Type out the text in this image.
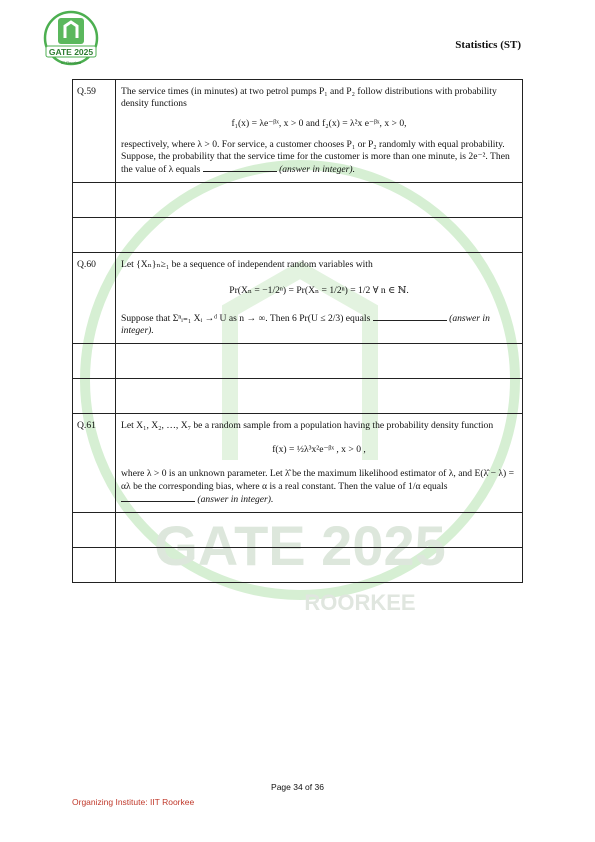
GATE 2025
ROORKEE
GATE 2025
IIT Roorkee
Statistics (ST)
Q.59	The service times (in minutes) at two petrol pumps P₁ and P₂ follow distributions with probability density functions
f₁(x) = λe⁻ᵝˣ, x > 0 and f₂(x) = λ²x e⁻ᵝˣ, x > 0,
respectively, where λ > 0. For service, a customer chooses P₁ or P₂ randomly with equal probability. Suppose, the probability that the service time for the customer is more than one minute, is 2e⁻². Then the value of λ equals (answer in integer).

Q.60	Let {Xₙ}ₙ≥₁ be a sequence of independent random variables with
Pr(Xₙ = −1/2ⁿ) = Pr(Xₙ = 1/2ⁿ) = 1/2 ∀ n ∈ ℕ.
Suppose that Σⁿᵢ₌₁ Xᵢ →ᵈ U as n → ∞. Then 6 Pr(U ≤ 2/3) equals (answer in integer).

Q.61	Let X₁, X₂, …, X₇ be a random sample from a population having the probability density function
f(x) = ½λ³x²e⁻ᵝˣ , x > 0 ,
where λ > 0 is an unknown parameter. Let λ̂ be the maximum likelihood estimator of λ, and E(λ̂ − λ) = αλ be the corresponding bias, where α is a real constant. Then the value of 1/α equals  (answer in integer).

Page 34 of 36
Organizing Institute: IIT Roorkee
